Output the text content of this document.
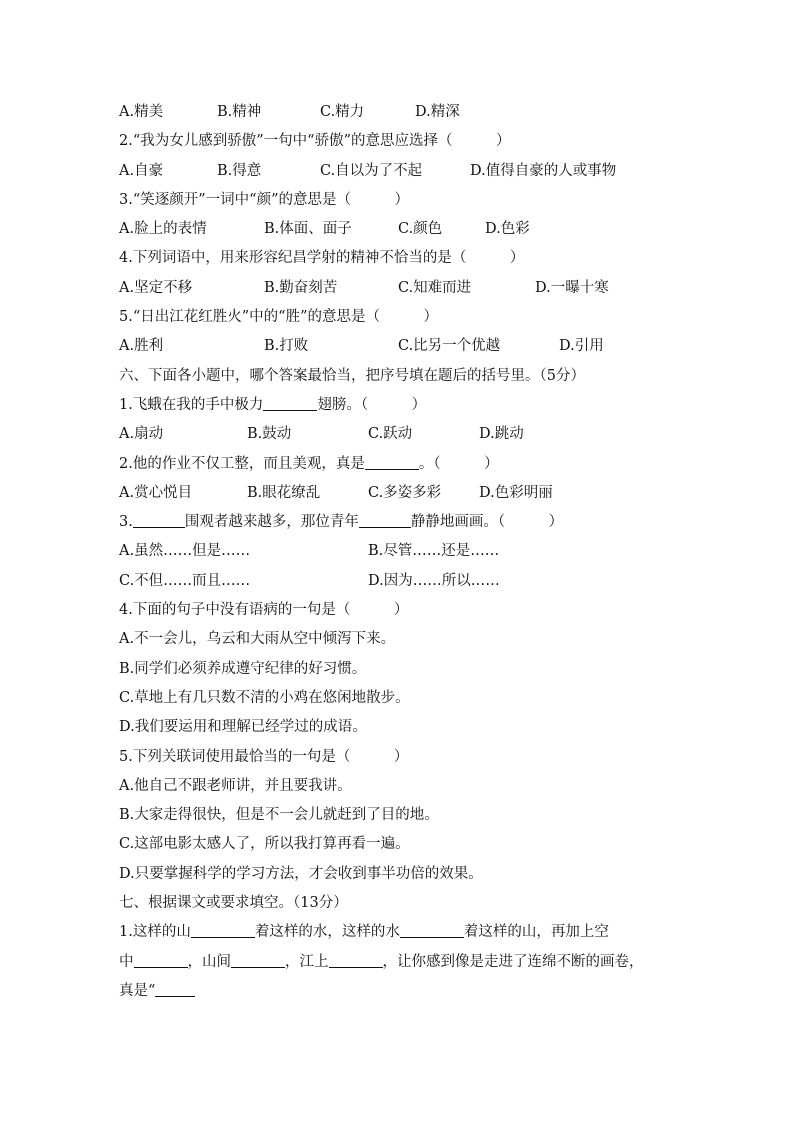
A.精美	B.精神	C.精力	D.精深
2.“我为女儿感到骄傲”一句中“骄傲”的意思应选择（　　　）
A.自豪	B.得意	C.自以为了不起	D.值得自豪的人或事物
3.“笑逐颜开”一词中“颜”的意思是（　　　）
A.脸上的表情	B.体面、面子	C.颜色	D.色彩
4.下列词语中，用来形容纪昌学射的精神不恰当的是（　　　）
A.坚定不移	B.勤奋刻苦	C.知难而进	D.一曝十寒
5.“日出江花红胜火”中的“胜”的意思是（　　　）
A.胜利	B.打败	C.比另一个优越	D.引用
六、下面各小题中，哪个答案最恰当，把序号填在题后的括号里。（5分）
1.飞蛾在我的手中极力	翅膀。（　　　）
A.扇动	B.鼓动	C.跃动	D.跳动
2.他的作业不仅工整，而且美观，真是	。（　　　）
A.赏心悦目	B.眼花缭乱	C.多姿多彩	D.色彩明丽
3.	围观者越来越多，那位青年	静静地画画。（　　　）
A.虽然……但是……	B.尽管……还是……
C.不但……而且……	D.因为……所以……
4.下面的句子中没有语病的一句是（　　　）
A.不一会儿，乌云和大雨从空中倾泻下来。
B.同学们必须养成遵守纪律的好习惯。
C.草地上有几只数不清的小鸡在悠闲地散步。
D.我们要运用和理解已经学过的成语。
5.下列关联词使用最恰当的一句是（　　　）
A.他自己不跟老师讲，并且要我讲。
B.大家走得很快，但是不一会儿就赶到了目的地。
C.这部电影太感人了，所以我打算再看一遍。
D.只要掌握科学的学习方法，才会收到事半功倍的效果。
七、根据课文或要求填空。（13分）
1.这样的山	着这样的水，这样的水	着这样的山，再加上空
中	，山间	，江上	，让你感到像是走进了连绵不断的画卷，
真是“
